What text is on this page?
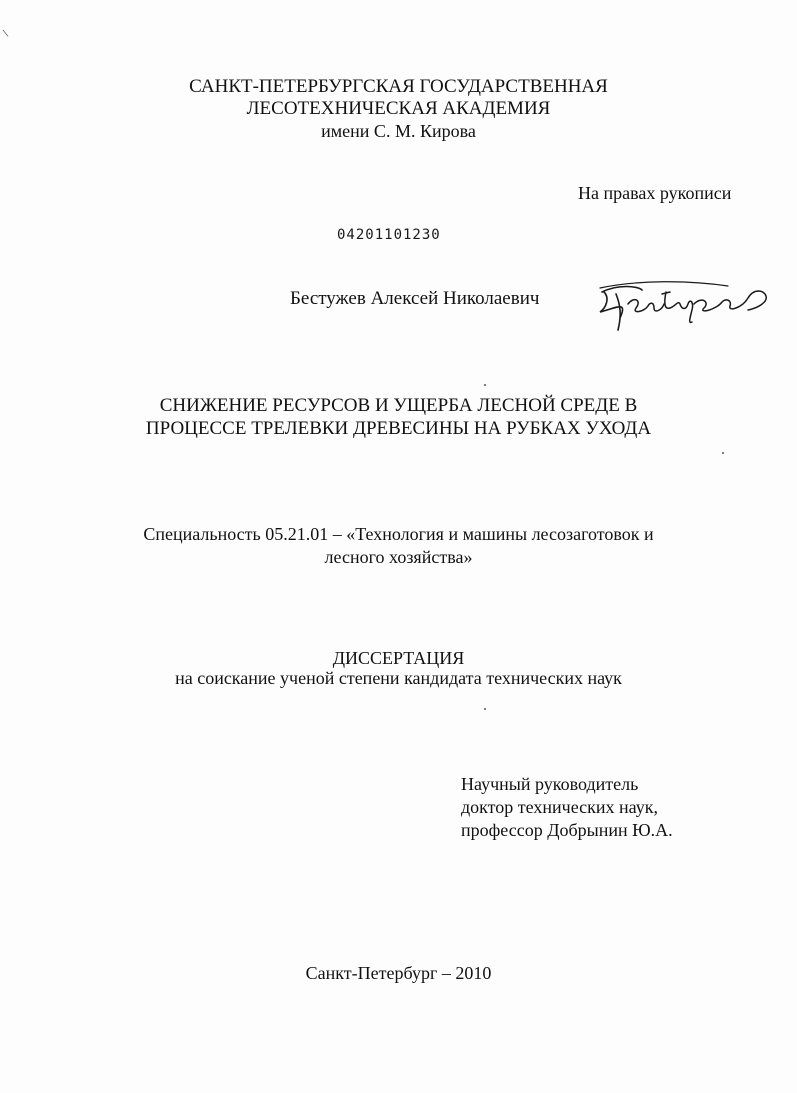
\
САНКТ-ПЕТЕРБУРГСКАЯ ГОСУДАРСТВЕННАЯ
ЛЕСОТЕХНИЧЕСКАЯ АКАДЕМИЯ
имени С. М. Кирова
На правах рукописи
04201101230
Бестужев Алексей Николаевич
СНИЖЕНИЕ РЕСУРСОВ И УЩЕРБА ЛЕСНОЙ СРЕДЕ В
ПРОЦЕССЕ ТРЕЛЕВКИ ДРЕВЕСИНЫ НА РУБКАХ УХОДА
Специальность 05.21.01 – «Технология и машины лесозаготовок и
лесного хозяйства»
ДИССЕРТАЦИЯ
на соискание ученой степени кандидата технических наук
Научный руководитель
доктор технических наук,
профессор Добрынин Ю.А.
Санкт-Петербург – 2010
